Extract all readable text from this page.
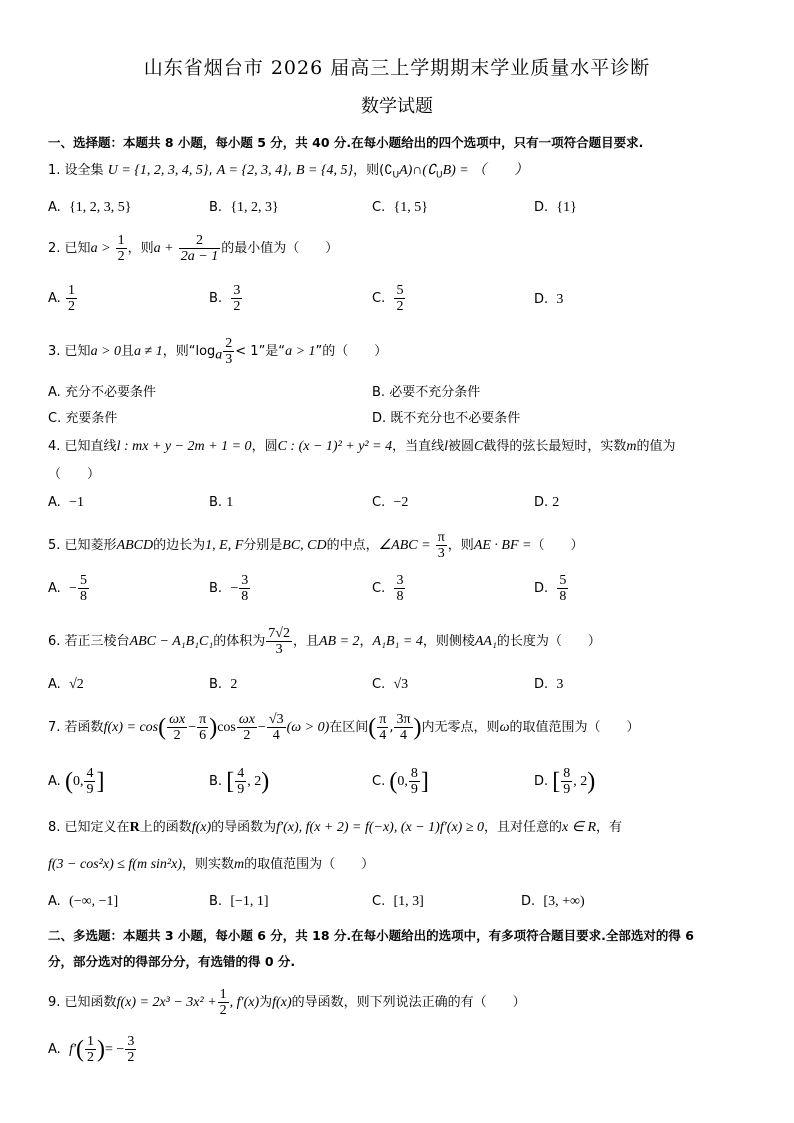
山东省烟台市 2026 届高三上学期期末学业质量水平诊断
数学试题
一、选择题：本题共 8 小题，每小题 5 分，共 40 分.在每小题给出的四个选项中，只有一项符合题目要求.
1. 设全集 U = {1, 2, 3, 4, 5}, A = {2, 3, 4}, B = {4, 5}，则$(∁_UA)\cap(∁_UB)$ = （　　）
A. {1, 2, 3, 5}	B. {1, 2, 3}	C. {1, 5}	D. {1}
2. 已知$a > \frac{1}{2}$ ，则$a + \frac{2}{2a - 1}$ 的最小值为（　　）
A. $\frac{1}{2}$	B. $\frac{3}{2}$	C. $\frac{5}{2}$	D. 3
3. 已知a > 0且a ≠ 1，则“$\log_a \frac{2}{3} < 1$”是“a > 1”的（　　）
A. 充分不必要条件	B. 必要不充分条件
C. 充要条件	D. 既不充分也不必要条件
4. 已知直线l : mx + y − 2m + 1 = 0，圆C : (x − 1)² + y² = 4，当直线l被圆C截得的弦长最短时，实数m的值为
（　　）
A. −1	B. 1	C. −2	D. 2
5. 已知菱形ABCD的边长为1, E, F分别是BC, CD的中点，∠ABC = $\frac{\pi}{3}$ ，则AE · BF =（　　）
A. − $\frac{5}{8}$	B. − $\frac{3}{8}$	C. $\frac{3}{8}$	D. $\frac{5}{8}$
6. 若正三棱台ABC − A₁B₁C₁的体积为 $\frac{7√2}{3}$ ，且AB = 2，A₁B₁ = 4，则侧棱AA₁的长度为（　　）
A. √2	B. 2	C. √3	D. 3
7. 若函数$f(x) = \cos( \frac{\omega x}{2} - \frac{\pi}{6} )\cos \frac{\omega x}{2} - \frac{√3}{4} (\omega > 0)$在区间( $\frac{\pi}{4}$ , $\frac{3\pi}{4}$ )内无零点，则ω的取值范围为（　　）
A. (0, $\frac{4}{9}$ ]	B. [ $\frac{4}{9}$ , 2)	C. (0, $\frac{8}{9}$ ]	D. [ $\frac{8}{9}$ , 2)
8. 已知定义在R上的函数f(x)的导函数为f′(x), f(x + 2) = f(−x), (x − 1)f′(x) ≥ 0，且对任意的x ∈ R，有
f(3 − cos²x) ≤ f(m sin²x)，则实数m的取值范围为（　　）
A. (−∞, −1]	B. [−1, 1]	C. [1, 3]	D. [3, +∞)
二、多选题：本题共 3 小题，每小题 6 分，共 18 分.在每小题给出的选项中，有多项符合题目要求.全部选对的得 6
分，部分选对的得部分分，有选错的得 0 分.
9. 已知函数$f(x) = 2x^3 - 3x^2 + \frac{1}{2}$ , f′(x)为f(x)的导函数，则下列说法正确的有（　　）
A. $f'( \frac{1}{2}$ )= − $\frac{3}{2}$
